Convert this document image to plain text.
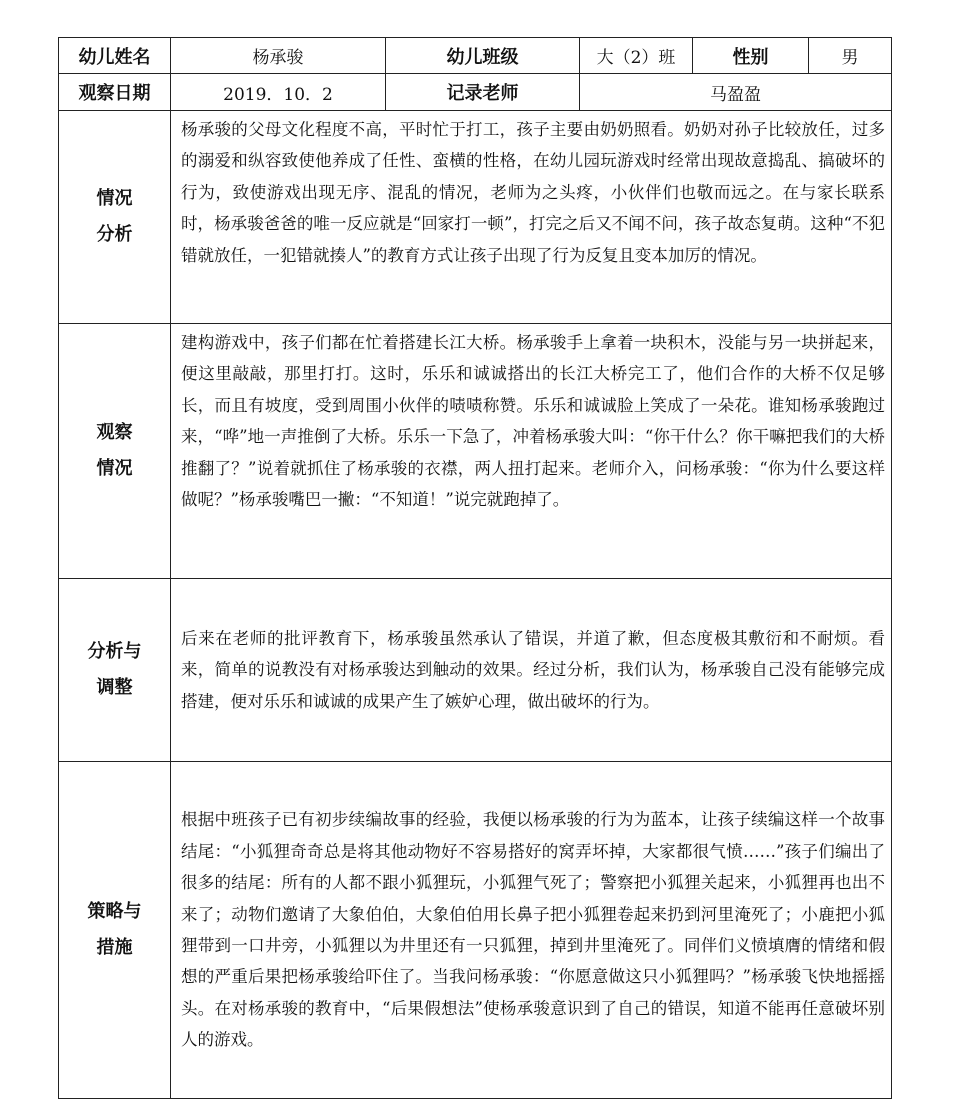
幼儿姓名	杨承骏	幼儿班级	大（2）班	性别	男
观察日期	2019．10．2	记录老师	马盈盈		

情况
分析	杨承骏的父母文化程度不高，平时忙于打工，孩子主要由奶奶照看。奶奶对孙子比较放任，过多的溺爱和纵容致使他养成了任性、蛮横的性格，在幼儿园玩游戏时经常出现故意捣乱、搞破坏的行为，致使游戏出现无序、混乱的情况，老师为之头疼，小伙伴们也敬而远之。在与家长联系时，杨承骏爸爸的唯一反应就是“回家打一顿”，打完之后又不闻不问，孩子故态复萌。这种“不犯错就放任，一犯错就揍人”的教育方式让孩子出现了行为反复且变本加厉的情况。				

观察
情况	建构游戏中，孩子们都在忙着搭建长江大桥。杨承骏手上拿着一块积木，没能与另一块拼起来，便这里敲敲，那里打打。这时，乐乐和诚诚搭出的长江大桥完工了，他们合作的大桥不仅足够长，而且有坡度，受到周围小伙伴的啧啧称赞。乐乐和诚诚脸上笑成了一朵花。谁知杨承骏跑过来，“哗”地一声推倒了大桥。乐乐一下急了，冲着杨承骏大叫：“你干什么？你干嘛把我们的大桥推翻了？”说着就抓住了杨承骏的衣襟，两人扭打起来。老师介入，问杨承骏：“你为什么要这样做呢？”杨承骏嘴巴一撇：“不知道！”说完就跑掉了。				

分析与
调整	后来在老师的批评教育下，杨承骏虽然承认了错误，并道了歉，但态度极其敷衍和不耐烦。看来，简单的说教没有对杨承骏达到触动的效果。经过分析，我们认为，杨承骏自己没有能够完成搭建，便对乐乐和诚诚的成果产生了嫉妒心理，做出破坏的行为。				

策略与
措施	根据中班孩子已有初步续编故事的经验，我便以杨承骏的行为为蓝本，让孩子续编这样一个故事结尾：“小狐狸奇奇总是将其他动物好不容易搭好的窝弄坏掉，大家都很气愤……”孩子们编出了很多的结尾：所有的人都不跟小狐狸玩，小狐狸气死了；警察把小狐狸关起来，小狐狸再也出不来了；动物们邀请了大象伯伯，大象伯伯用长鼻子把小狐狸卷起来扔到河里淹死了；小鹿把小狐狸带到一口井旁，小狐狸以为井里还有一只狐狸，掉到井里淹死了。同伴们义愤填膺的情绪和假想的严重后果把杨承骏给吓住了。当我问杨承骏：“你愿意做这只小狐狸吗？”杨承骏飞快地摇摇头。在对杨承骏的教育中，“后果假想法”使杨承骏意识到了自己的错误，知道不能再任意破坏别人的游戏。				
